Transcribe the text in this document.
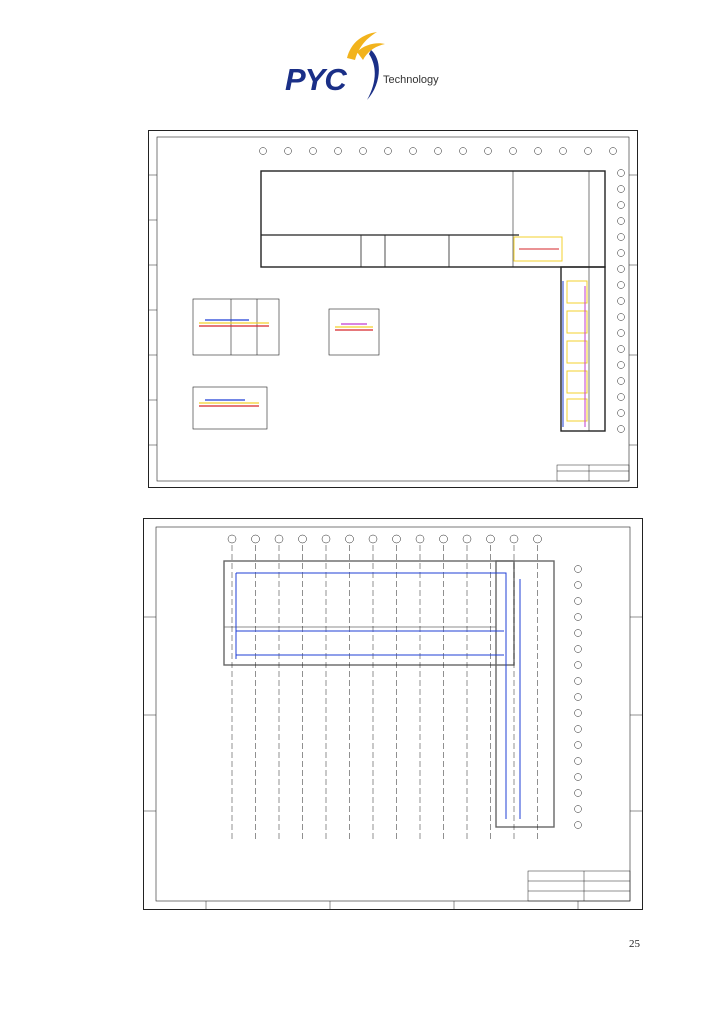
PYC	Technology
25
